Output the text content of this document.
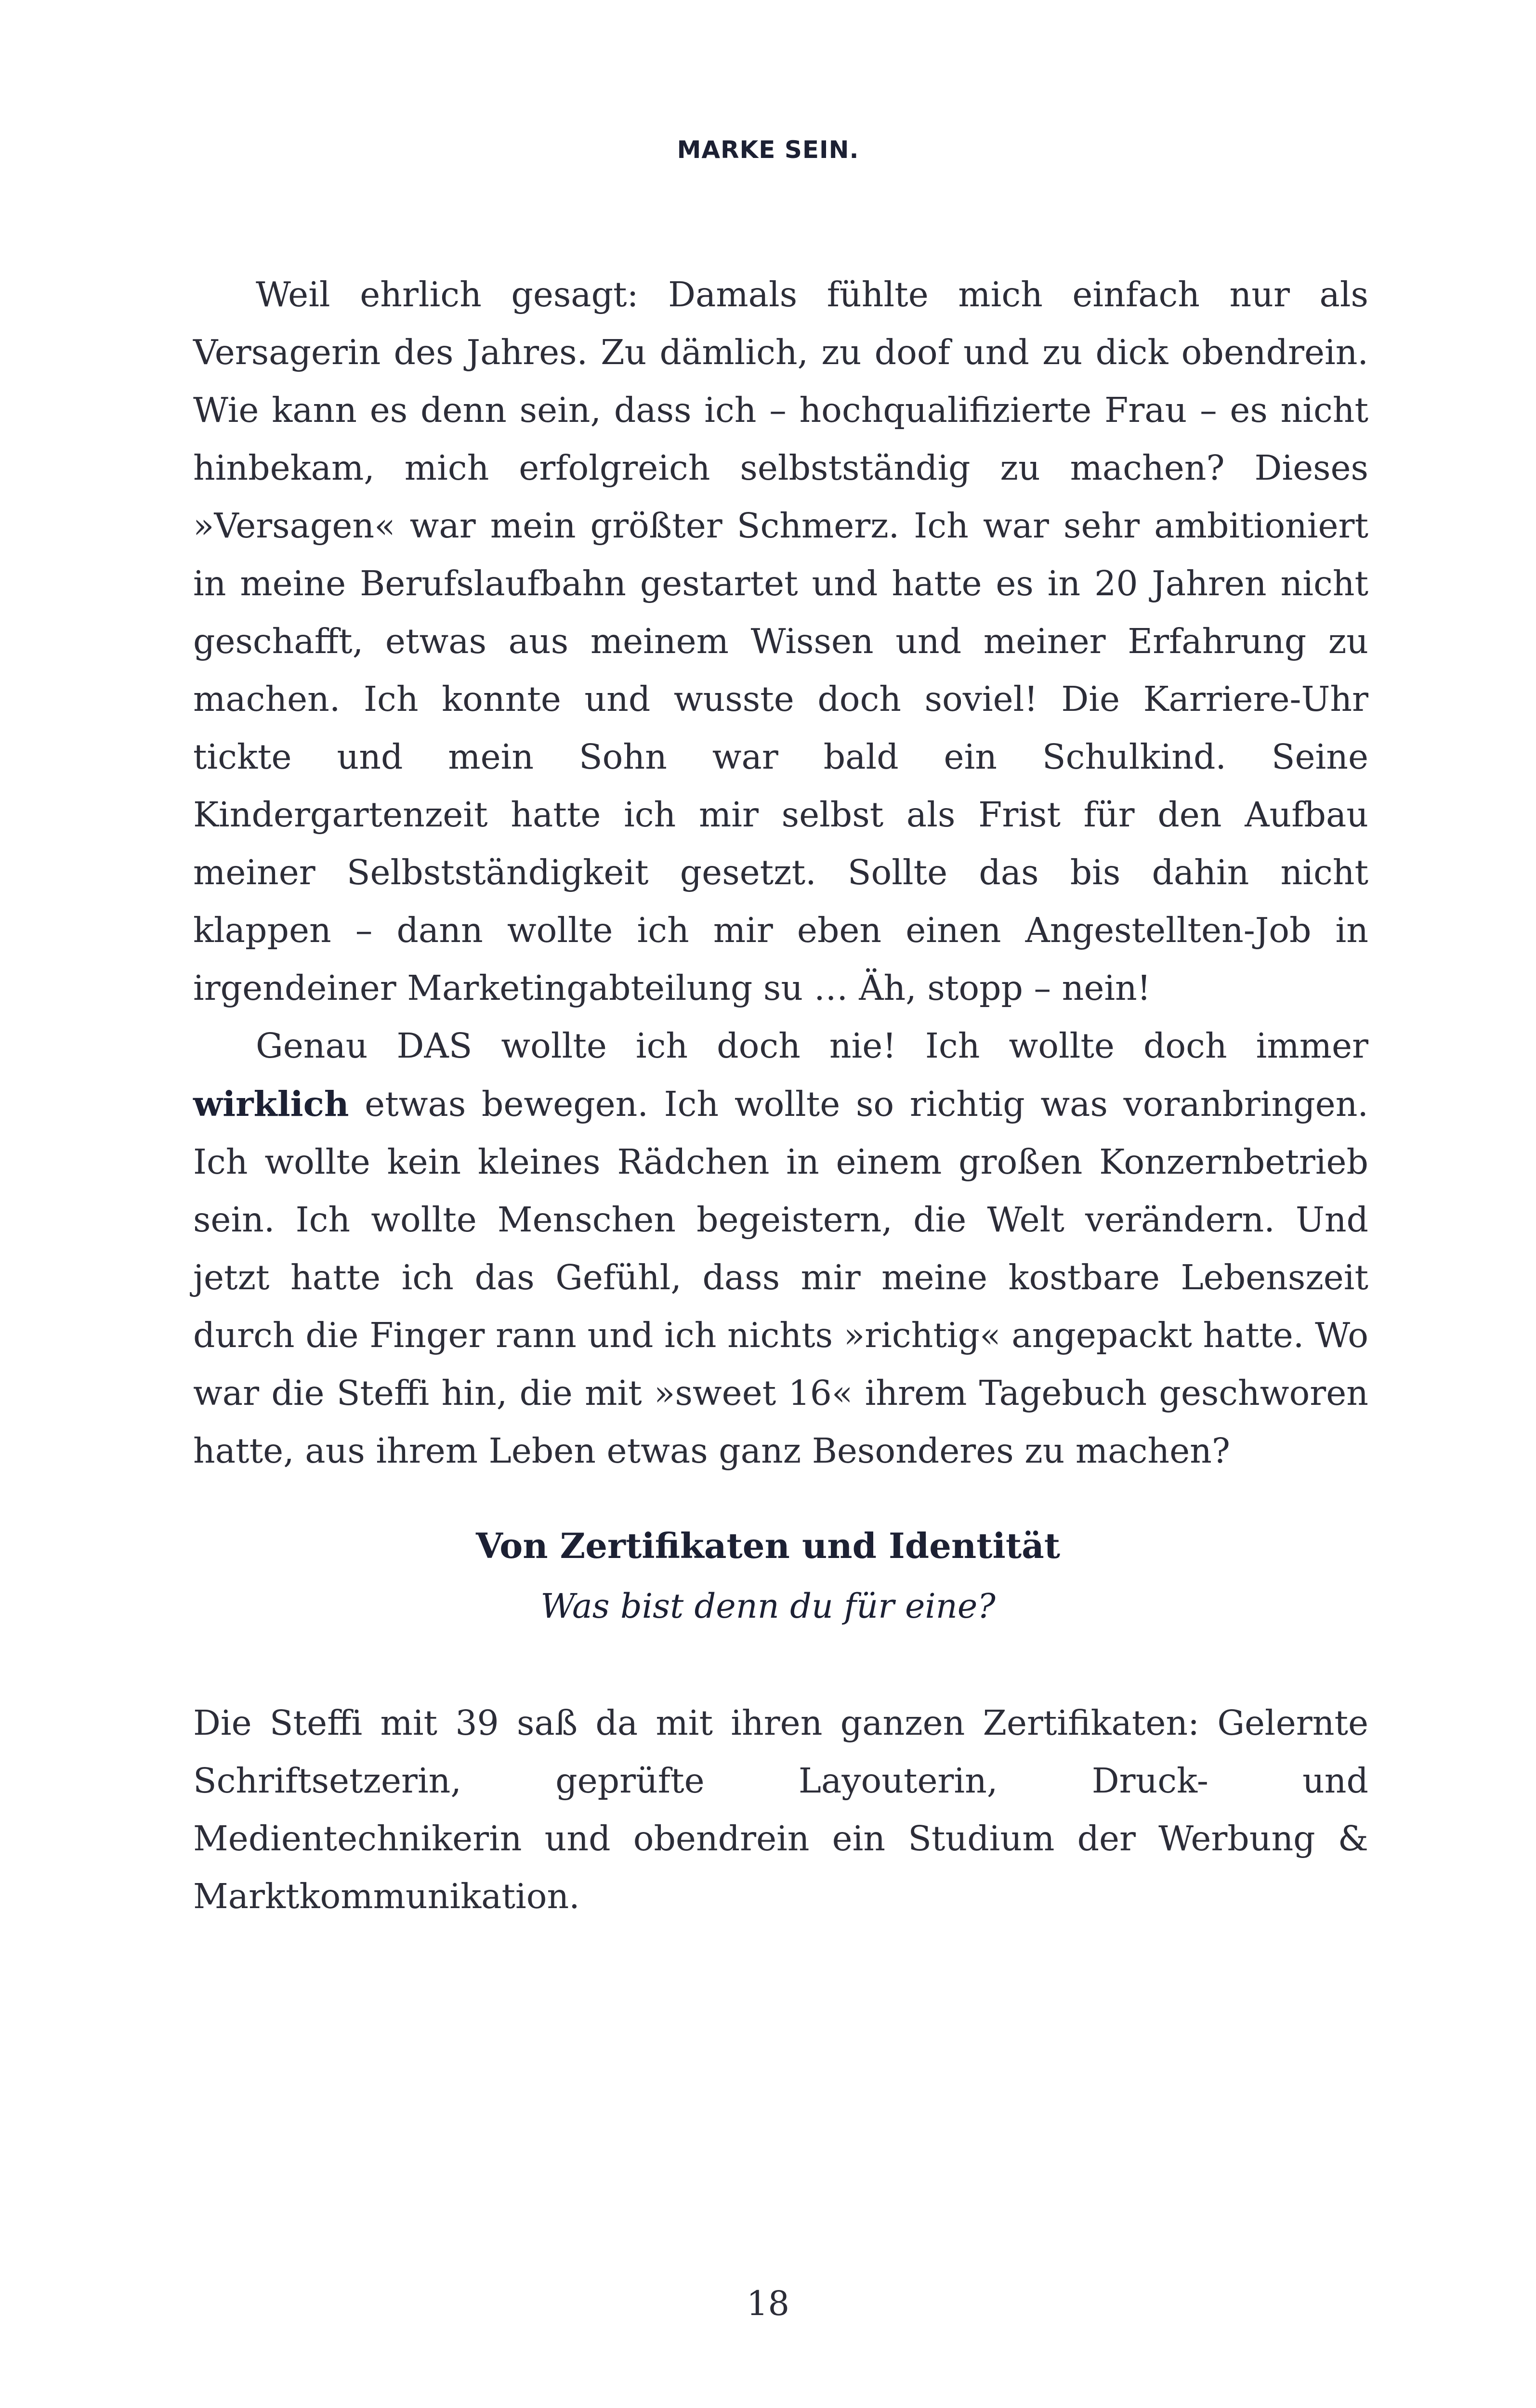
MARKE SEIN.

Weil ehrlich gesagt: Damals fühlte mich einfach nur als Versagerin des Jahres. Zu dämlich, zu doof und zu dick obendrein. Wie kann es denn sein, dass ich – hochqualifizierte Frau – es nicht hinbekam, mich erfolgreich selbstständig zu machen? Dieses »Versagen« war mein größter Schmerz. Ich war sehr ambitioniert in meine Berufslaufbahn gestartet und hatte es in 20 Jahren nicht geschafft, etwas aus meinem Wissen und meiner Erfahrung zu machen. Ich konnte und wusste doch soviel! Die Karriere-Uhr tickte und mein Sohn war bald ein Schulkind. Seine Kindergartenzeit hatte ich mir selbst als Frist für den Aufbau meiner Selbstständigkeit gesetzt. Sollte das bis dahin nicht klappen – dann wollte ich mir eben einen Angestellten-Job in irgendeiner Marketingabteilung su … Äh, stopp – nein!

Genau DAS wollte ich doch nie! Ich wollte doch immer wirklich etwas bewegen. Ich wollte so richtig was voranbringen. Ich wollte kein kleines Rädchen in einem großen Konzernbetrieb sein. Ich wollte Menschen begeistern, die Welt verändern. Und jetzt hatte ich das Gefühl, dass mir meine kostbare Lebenszeit durch die Finger rann und ich nichts »richtig« angepackt hatte. Wo war die Steffi hin, die mit »sweet 16« ihrem Tagebuch geschworen hatte, aus ihrem Leben etwas ganz Besonderes zu machen?

Von Zertifikaten und Identität
Was bist denn du für eine?

Die Steffi mit 39 saß da mit ihren ganzen Zertifikaten: Gelernte Schriftsetzerin, geprüfte Layouterin, Druck- und Medientechnikerin und obendrein ein Studium der Werbung & Marktkommunikation.

18
